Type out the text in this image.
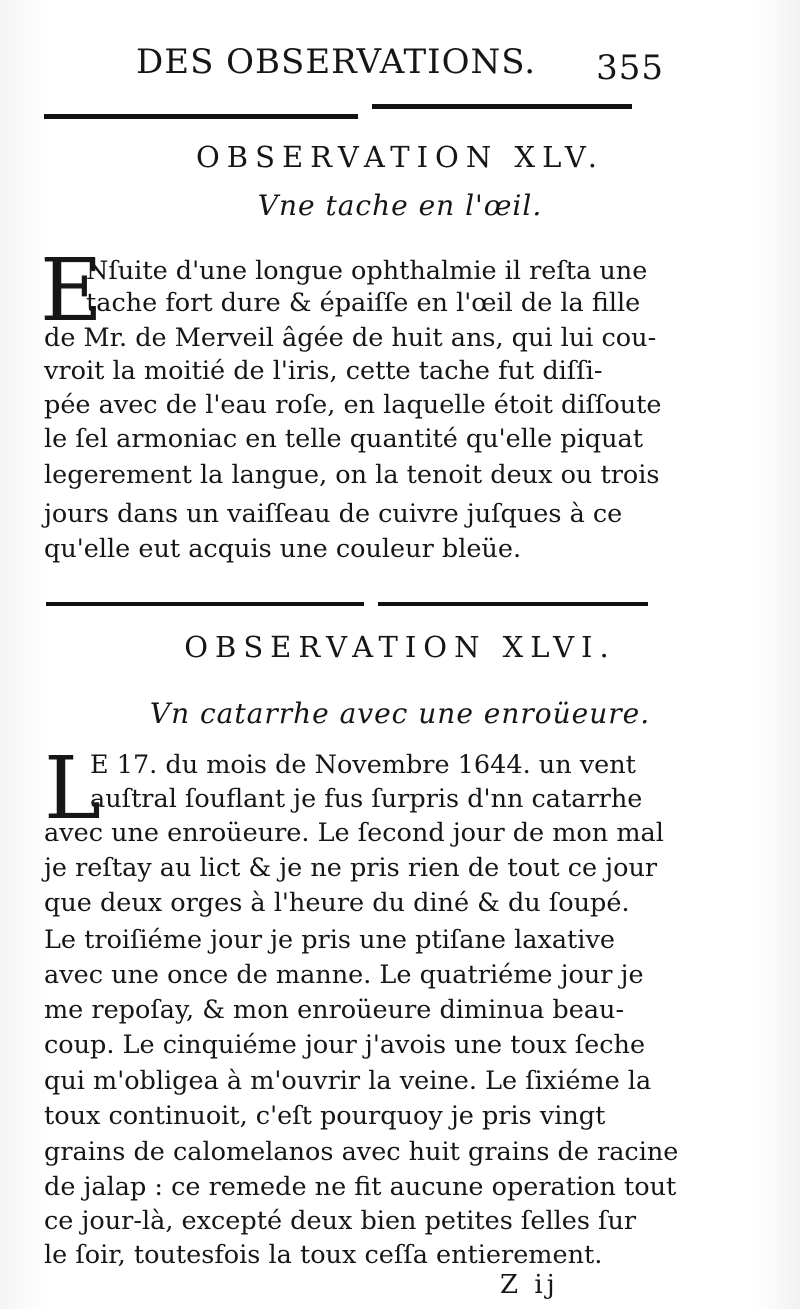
DES OBSERVATIONS. 355
OBSERVATION XLV.
Vne tache en l'œil.
E
Nſuite d'une longue ophthalmie il reſta une
tache fort dure & épaiſſe en l'œil de la fille
de Mr. de Merveil âgée de huit ans, qui lui cou-
vroit la moitié de l'iris, cette tache fut diſſi-
pée avec de l'eau roſe, en laquelle étoit diſſoute
le ſel armoniac en telle quantité qu'elle piquat
legerement la langue, on la tenoit deux ou trois
jours dans un vaiſſeau de cuivre juſques à ce
qu'elle eut acquis une couleur bleüe.
OBSERVATION XLVI.
Vn catarrhe avec une enroüeure.
L
E 17. du mois de Novembre 1644. un vent
auſtral ſouflant je fus ſurpris d'nn catarrhe
avec une enroüeure. Le ſecond jour de mon mal
je reſtay au lict & je ne pris rien de tout ce jour
que deux orges à l'heure du diné & du ſoupé.
Le troiſiéme jour je pris une ptiſane laxative
avec une once de manne. Le quatriéme jour je
me repoſay, & mon enroüeure diminua beau-
coup. Le cinquiéme jour j'avois une toux ſeche
qui m'obligea à m'ouvrir la veine. Le ſixiéme la
toux continuoit, c'eſt pourquoy je pris vingt
grains de calomelanos avec huit grains de racine
de jalap : ce remede ne fit aucune operation tout
ce jour-là, excepté deux bien petites ſelles ſur
le ſoir, toutesfois la toux ceſſa entierement.
Z ij
